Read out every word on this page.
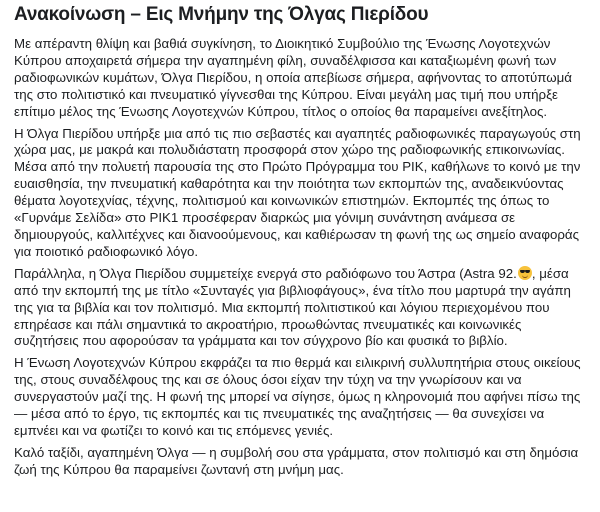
Ανακοίνωση – Εις Μνήμην της Όλγας Πιερίδου

Με απέραντη θλίψη και βαθιά συγκίνηση, το Διοικητικό Συμβούλιο της Ένωσης Λογοτεχνών Κύπρου αποχαιρετά σήμερα την αγαπημένη φίλη, συναδέλφισσα και καταξιωμένη φωνή των ραδιοφωνικών κυμάτων, Όλγα Πιερίδου, η οποία απεβίωσε σήμερα, αφήνοντας το αποτύπωμά της στο πολιτιστικό και πνευματικό γίγνεσθαι της Κύπρου. Είναι μεγάλη μας τιμή που υπήρξε επίτιμο μέλος της Ένωσης Λογοτεχνών Κύπρου, τίτλος ο οποίος θα παραμείνει ανεξίτηλος.

Η Όλγα Πιερίδου υπήρξε μια από τις πιο σεβαστές και αγαπητές ραδιοφωνικές παραγωγούς στη χώρα μας, με μακρά και πολυδιάστατη προσφορά στον χώρο της ραδιοφωνικής επικοινωνίας. Μέσα από την πολυετή παρουσία της στο Πρώτο Πρόγραμμα του ΡΙΚ, καθήλωνε το κοινό με την ευαισθησία, την πνευματική καθαρότητα και την ποιότητα των εκπομπών της, αναδεικνύοντας θέματα λογοτεχνίας, τέχνης, πολιτισμού και κοινωνικών επιστημών. Εκπομπές της όπως το «Γυρνάμε Σελίδα» στο ΡΙΚ1 προσέφεραν διαρκώς μια γόνιμη συνάντηση ανάμεσα σε δημιουργούς, καλλιτέχνες και διανοούμενους, και καθιέρωσαν τη φωνή της ως σημείο αναφοράς για ποιοτικό ραδιοφωνικό λόγο.

Παράλληλα, η Όλγα Πιερίδου συμμετείχε ενεργά στο ραδιόφωνο του Άστρα (Astra 92. , μέσα από την εκπομπή της με τίτλο «Συνταγές για βιβλιοφάγους», ένα τίτλο που μαρτυρά την αγάπη της για τα βιβλία και τον πολιτισμό. Μια εκπομπή πολιτιστικού και λόγιου περιεχομένου που επηρέασε και πάλι σημαντικά το ακροατήριο, προωθώντας πνευματικές και κοινωνικές συζητήσεις που αφορούσαν τα γράμματα και τον σύγχρονο βίο και φυσικά το βιβλίο.

Η Ένωση Λογοτεχνών Κύπρου εκφράζει τα πιο θερμά και ειλικρινή συλλυπητήρια στους οικείους της, στους συναδέλφους της και σε όλους όσοι είχαν την τύχη να την γνωρίσουν και να συνεργαστούν μαζί της. Η φωνή της μπορεί να σίγησε, όμως η κληρονομιά που αφήνει πίσω της — μέσα από το έργο, τις εκπομπές και τις πνευματικές της αναζητήσεις — θα συνεχίσει να εμπνέει και να φωτίζει το κοινό και τις επόμενες γενιές.

Καλό ταξίδι, αγαπημένη Όλγα — η συμβολή σου στα γράμματα, στον πολιτισμό και στη δημόσια ζωή της Κύπρου θα παραμείνει ζωντανή στη μνήμη μας.
